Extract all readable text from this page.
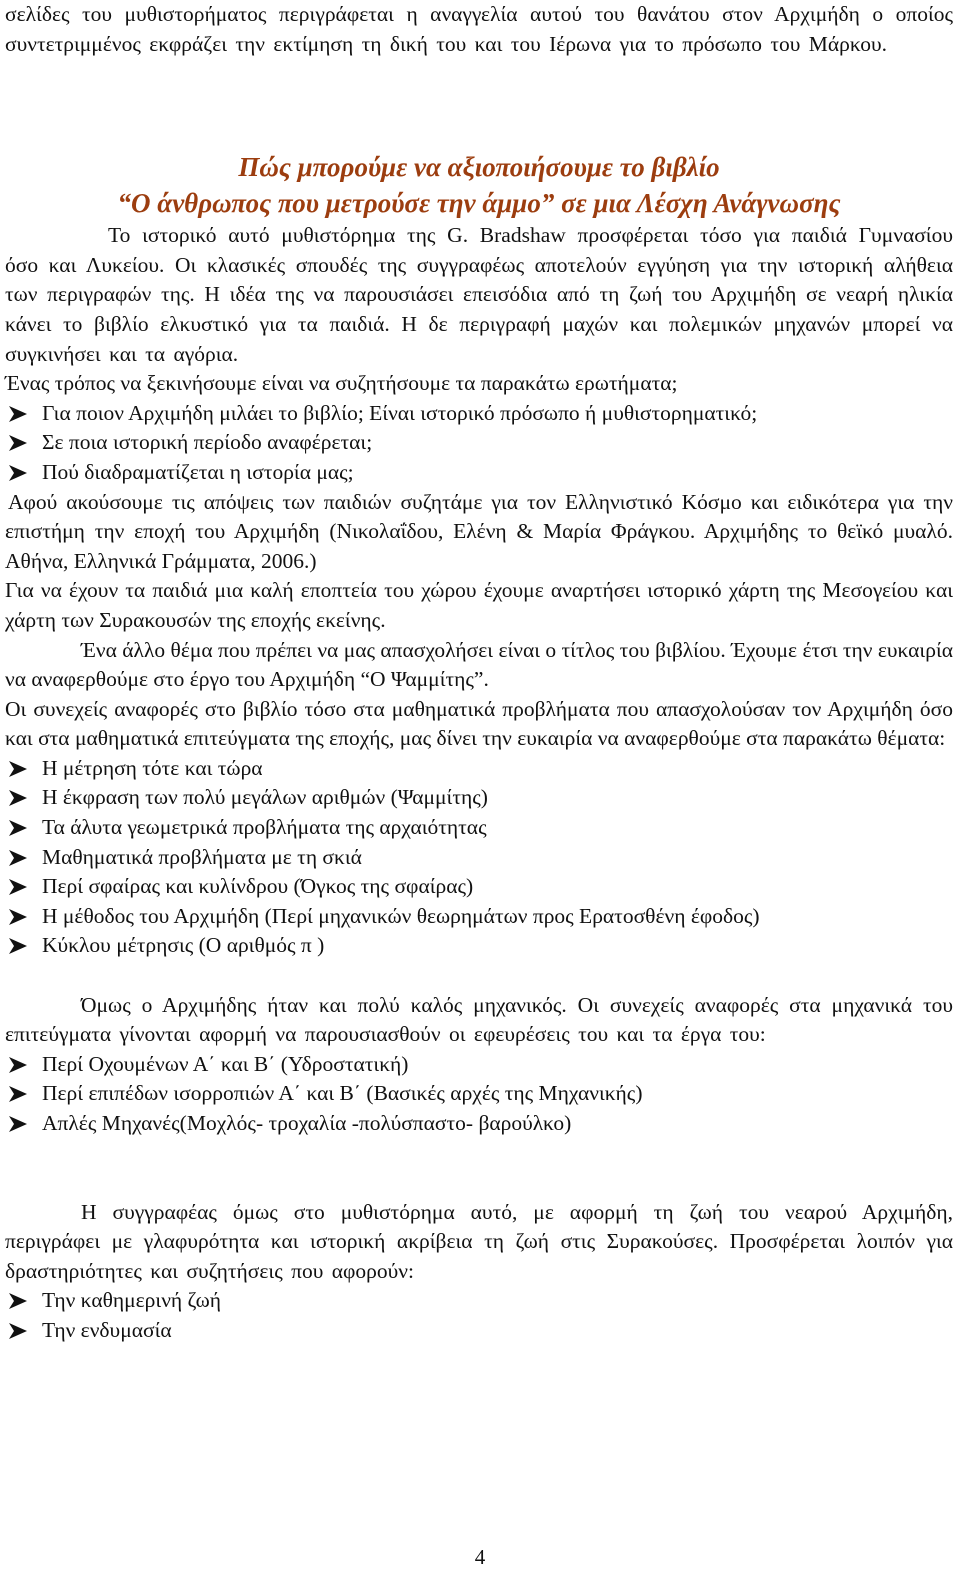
σελίδες του μυθιστορήματος περιγράφεται η αναγγελία αυτού του θανάτου στον Αρχιμήδη ο οποίος συντετριμμένος εκφράζει την εκτίμηση τη δική του και του Ιέρωνα για το πρόσωπο του Μάρκου.

Πώς μπορούμε να αξιοποιήσουμε το βιβλίο
“Ο άνθρωπος που μετρούσε την άμμο” σε μια Λέσχη Ανάγνωσης

Το ιστορικό αυτό μυθιστόρημα της G. Bradshaw προσφέρεται τόσο για παιδιά Γυμνασίου όσο και Λυκείου. Οι κλασικές σπουδές της συγγραφέως αποτελούν εγγύηση για την ιστορική αλήθεια των περιγραφών της. Η ιδέα της να παρουσιάσει επεισόδια από τη ζωή του Αρχιμήδη σε νεαρή ηλικία κάνει το βιβλίο ελκυστικό για τα παιδιά. Η δε περιγραφή μαχών και πολεμικών μηχανών μπορεί να συγκινήσει και τα αγόρια.

Ένας τρόπος να ξεκινήσουμε είναι να συζητήσουμε τα παρακάτω ερωτήματα;

Για ποιον Αρχιμήδη μιλάει το βιβλίο; Είναι ιστορικό πρόσωπο ή μυθιστορηματικό;
Σε ποια ιστορική περίοδο αναφέρεται;
Πού διαδραματίζεται η ιστορία μας;

Αφού ακούσουμε τις απόψεις των παιδιών συζητάμε για τον Ελληνιστικό Κόσμο και ειδικότερα για την επιστήμη την εποχή του Αρχιμήδη (Νικολαΐδου, Ελένη & Μαρία Φράγκου. Αρχιμήδης το θεϊκό μυαλό. Αθήνα, Ελληνικά Γράμματα, 2006.)

Για να έχουν τα παιδιά μια καλή εποπτεία του χώρου έχουμε αναρτήσει ιστορικό χάρτη της Μεσογείου και χάρτη των Συρακουσών της εποχής εκείνης.

Ένα άλλο θέμα που πρέπει να μας απασχολήσει είναι ο τίτλος του βιβλίου. Έχουμε έτσι την ευκαιρία να αναφερθούμε στο έργο του Αρχιμήδη “Ο Ψαμμίτης”.

Οι συνεχείς αναφορές στο βιβλίο τόσο στα μαθηματικά προβλήματα που απασχολούσαν τον Αρχιμήδη όσο και στα μαθηματικά επιτεύγματα της εποχής, μας δίνει την ευκαιρία να αναφερθούμε στα παρακάτω θέματα:

Η μέτρηση τότε και τώρα
Η έκφραση των πολύ μεγάλων αριθμών (Ψαμμίτης)
Τα άλυτα γεωμετρικά προβλήματα της αρχαιότητας
Μαθηματικά προβλήματα με τη σκιά
Περί σφαίρας και κυλίνδρου (Όγκος της σφαίρας)
Η μέθοδος του Αρχιμήδη (Περί μηχανικών θεωρημάτων προς Ερατοσθένη έφοδος)
Κύκλου μέτρησις (Ο αριθμός π )

Όμως ο Αρχιμήδης ήταν και πολύ καλός μηχανικός. Οι συνεχείς αναφορές στα μηχανικά του επιτεύγματα γίνονται αφορμή να παρουσιασθούν οι εφευρέσεις του και τα έργα του:

Περί Οχουμένων Α΄ και Β΄ (Υδροστατική)
Περί επιπέδων ισορροπιών Α΄ και Β΄ (Βασικές αρχές της Μηχανικής)
Απλές Μηχανές(Μοχλός- τροχαλία -πολύσπαστο- βαρούλκο)

Η συγγραφέας όμως στο μυθιστόρημα αυτό, με αφορμή τη ζωή του νεαρού Αρχιμήδη, περιγράφει με γλαφυρότητα και ιστορική ακρίβεια τη ζωή στις Συρακούσες. Προσφέρεται λοιπόν για δραστηριότητες και συζητήσεις που αφορούν:

Την καθημερινή ζωή
Την ενδυμασία
4
